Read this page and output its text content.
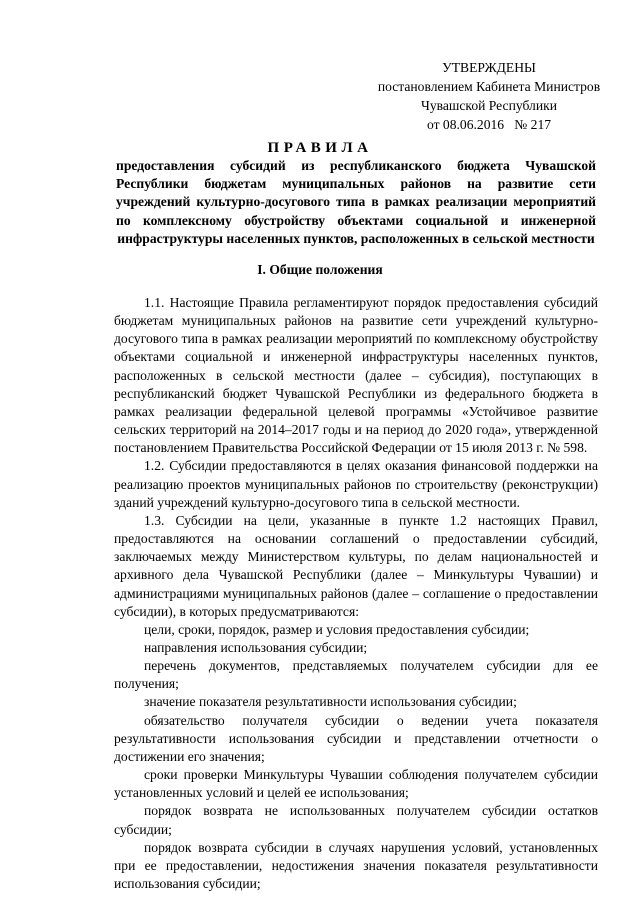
УТВЕРЖДЕНЫ
постановлением Кабинета Министров
Чувашской Республики
от 08.06.2016   № 217
ПРАВИЛА
предоставления субсидий из республиканского бюджета Чувашской Республики бюджетам муниципальных районов на развитие сети учреждений культурно-досугового типа в рамках реализации мероприятий по комплексному обустройству объектами социальной и инженерной инфраструктуры населенных пунктов, расположенных в сельской местности
I. Общие положения

1.1. Настоящие Правила регламентируют порядок предоставления субсидий бюджетам муниципальных районов на развитие сети учреждений культурно-досугового типа в рамках реализации мероприятий по комплексному обустройству объектами социальной и инженерной инфраструктуры населенных пунктов, расположенных в сельской местности (далее – субсидия), поступающих в республиканский бюджет Чувашской Республики из федерального бюджета в рамках реализации федеральной целевой программы «Устойчивое развитие сельских территорий на 2014–2017 годы и на период до 2020 года», утвержденной постановлением Правительства Российской Федерации от 15 июля 2013 г. № 598.

1.2. Субсидии предоставляются в целях оказания финансовой поддержки на реализацию проектов муниципальных районов по строительству (реконструкции) зданий учреждений культурно-досугового типа в сельской местности.

1.3. Субсидии на цели, указанные в пункте 1.2 настоящих Правил, предоставляются на основании соглашений о предоставлении субсидий, заключаемых между Министерством культуры, по делам национальностей и архивного дела Чувашской Республики (далее – Минкультуры Чувашии) и администрациями муниципальных районов (далее – соглашение о предоставлении субсидии), в которых предусматриваются:

цели, сроки, порядок, размер и условия предоставления субсидии;

направления использования субсидии;

перечень документов, представляемых получателем субсидии для ее получения;

значение показателя результативности использования субсидии;

обязательство получателя субсидии о ведении учета показателя результативности использования субсидии и представлении отчетности о достижении его значения;

сроки проверки Минкультуры Чувашии соблюдения получателем субсидии установленных условий и целей ее использования;

порядок возврата не использованных получателем субсидии остатков субсидии;

порядок возврата субсидии в случаях нарушения условий, установленных при ее предоставлении, недостижения значения показателя результативности использования субсидии;
